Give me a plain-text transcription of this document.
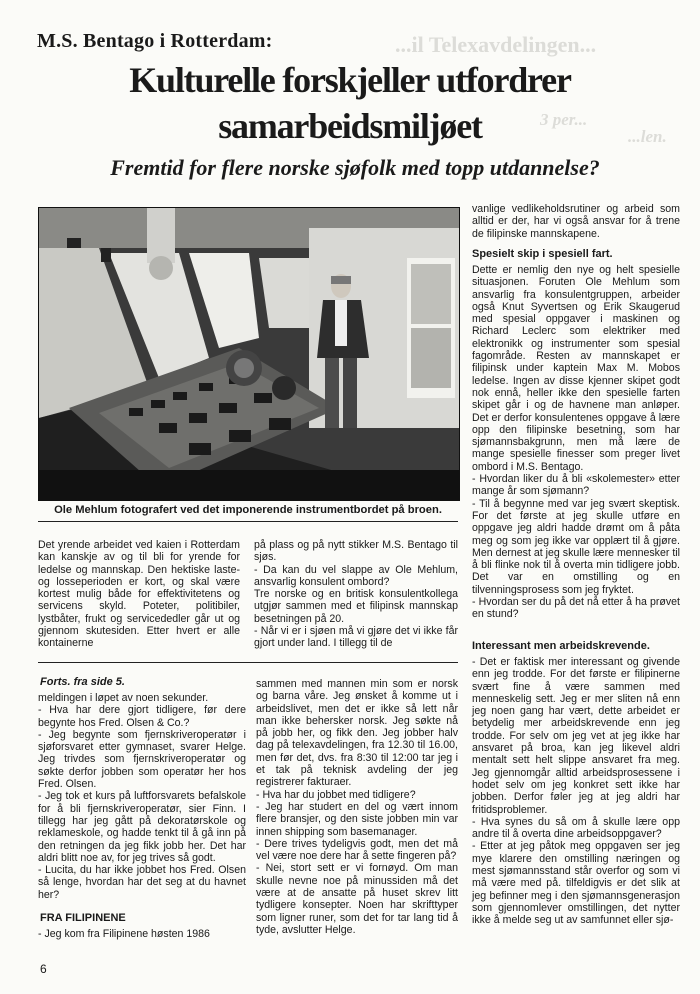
...il Telexavdelingen...
3 per...
...len.
M.S. Bentago i Rotterdam:
Kulturelle forskjeller utfordrer
samarbeidsmiljøet
Fremtid for flere norske sjøfolk med topp utdannelse?
Ole Mehlum fotografert ved det imponerende instrumentbordet på broen.
Det yrende arbeidet ved kaien i Rotterdam kan kanskje av og til bli for yrende for ledelse og mannskap. Den hektiske laste- og losseperioden er kort, og skal være kortest mulig både for effektivitetens og servicens skyld. Poteter, politibiler, lystbåter, frukt og servicededler går ut og gjennom skutesiden. Etter hvert er alle kontainerne
på plass og på nytt stikker M.S. Bentago til sjøs.
- Da kan du vel slappe av Ole Mehlum, ansvarlig konsulent ombord?
Tre norske og en britisk konsulentkollega utgjør sammen med et filipinsk mannskap besetningen på 20.
- Når vi er i sjøen må vi gjøre det vi ikke får gjort under land. I tillegg til de
vanlige vedlikeholdsrutiner og arbeid som alltid er der, har vi også ansvar for å trene de filipinske mannskapene.
Spesielt skip i spesiell fart.
Dette er nemlig den nye og helt spesielle situasjonen. Foruten Ole Mehlum som ansvarlig fra konsulentgruppen, arbeider også Knut Syvertsen og Erik Skaugerud med spesial oppgaver i maskinen og Richard Leclerc som elektriker med elektronikk og instrumenter som spesial fagområde. Resten av mannskapet er filipinsk under kaptein Max M. Mobos ledelse. Ingen av disse kjenner skipet godt nok ennå, heller ikke den spesielle farten skipet går i og de havnene man anløper. Det er derfor konsulentenes oppgave å lære opp den filipinske besetning, som har sjømannsbakgrunn, men må lære de mange spesielle finesser som preger livet ombord i M.S. Bentago.
- Hvordan liker du å bli «skolemester» etter mange år som sjømann?
- Til å begynne med var jeg svært skeptisk. For det første at jeg skulle utføre en oppgave jeg aldri hadde drømt om å påta meg og som jeg ikke var opplært til å gjøre. Men dernest at jeg skulle lære mennesker til å bli flinke nok til å overta min tidligere jobb. Det var en omstilling og en tilvenningsprosess som jeg fryktet.
- Hvordan ser du på det nå etter å ha prøvet en stund?
Interessant men arbeidskrevende.
- Det er faktisk mer interessant og givende enn jeg trodde. For det første er filipinerne svært fine å være sammen med menneskelig sett. Jeg er mer sliten nå enn jeg noen gang har vært, dette arbeidet er betydelig mer arbeidskrevende enn jeg trodde. For selv om jeg vet at jeg ikke har ansvaret på broa, kan jeg likevel aldri mentalt sett helt slippe ansvaret fra meg. Jeg gjennomgår alltid arbeidsprosessene i hodet selv om jeg konkret sett ikke har jobben. Derfor føler jeg at jeg aldri har fritidsproblemer.
- Hva synes du så om å skulle lære opp andre til å overta dine arbeidsoppgaver?
- Etter at jeg påtok meg oppgaven ser jeg mye klarere den omstilling næringen og mest sjømannsstand står overfor og som vi må være med på. tilfeldigvis er det slik at jeg befinner meg i den sjømannsgenerasjon som gjennomlever omstillingen, det nytter ikke å melde seg ut av samfunnet eller sjø-
Forts. fra side 5.
meldingen i løpet av noen sekunder.
- Hva har dere gjort tidligere, før dere begynte hos Fred. Olsen & Co.?
- Jeg begynte som fjernskriveroperatør i sjøforsvaret etter gymnaset, svarer Helge. Jeg trivdes som fjernskriveroperatør og søkte derfor jobben som operatør her hos Fred. Olsen.
- Jeg tok et kurs på luftforsvarets befalskole for å bli fjernskriveroperatør, sier Finn. I tillegg har jeg gått på dekoratørskole og reklameskole, og hadde tenkt til å gå inn på den retningen da jeg fikk jobb her. Det har aldri blitt noe av, for jeg trives så godt.
- Lucita, du har ikke jobbet hos Fred. Olsen så lenge, hvordan har det seg at du havnet her?
FRA FILIPINENE
- Jeg kom fra Filipinene høsten 1986
sammen med mannen min som er norsk og barna våre. Jeg ønsket å komme ut i arbeidslivet, men det er ikke så lett når man ikke behersker norsk. Jeg søkte nå på jobb her, og fikk den. Jeg jobber halv dag på telexavdelingen, fra 12.30 til 16.00, men før det, dvs. fra 8:30 til 12:00 tar jeg i et tak på teknisk avdeling der jeg registrerer fakturaer.
- Hva har du jobbet med tidligere?
- Jeg har studert en del og vært innom flere bransjer, og den siste jobben min var innen shipping som basemanager.
- Dere trives tydeligvis godt, men det må vel være noe dere har å sette fingeren på?
- Nei, stort sett er vi fornøyd. Om man skulle nevne noe på minussiden må det være at de ansatte på huset skrev litt tydligere konsepter. Noen har skrifttyper som ligner runer, som det for tar lang tid å tyde, avslutter Helge.
6
